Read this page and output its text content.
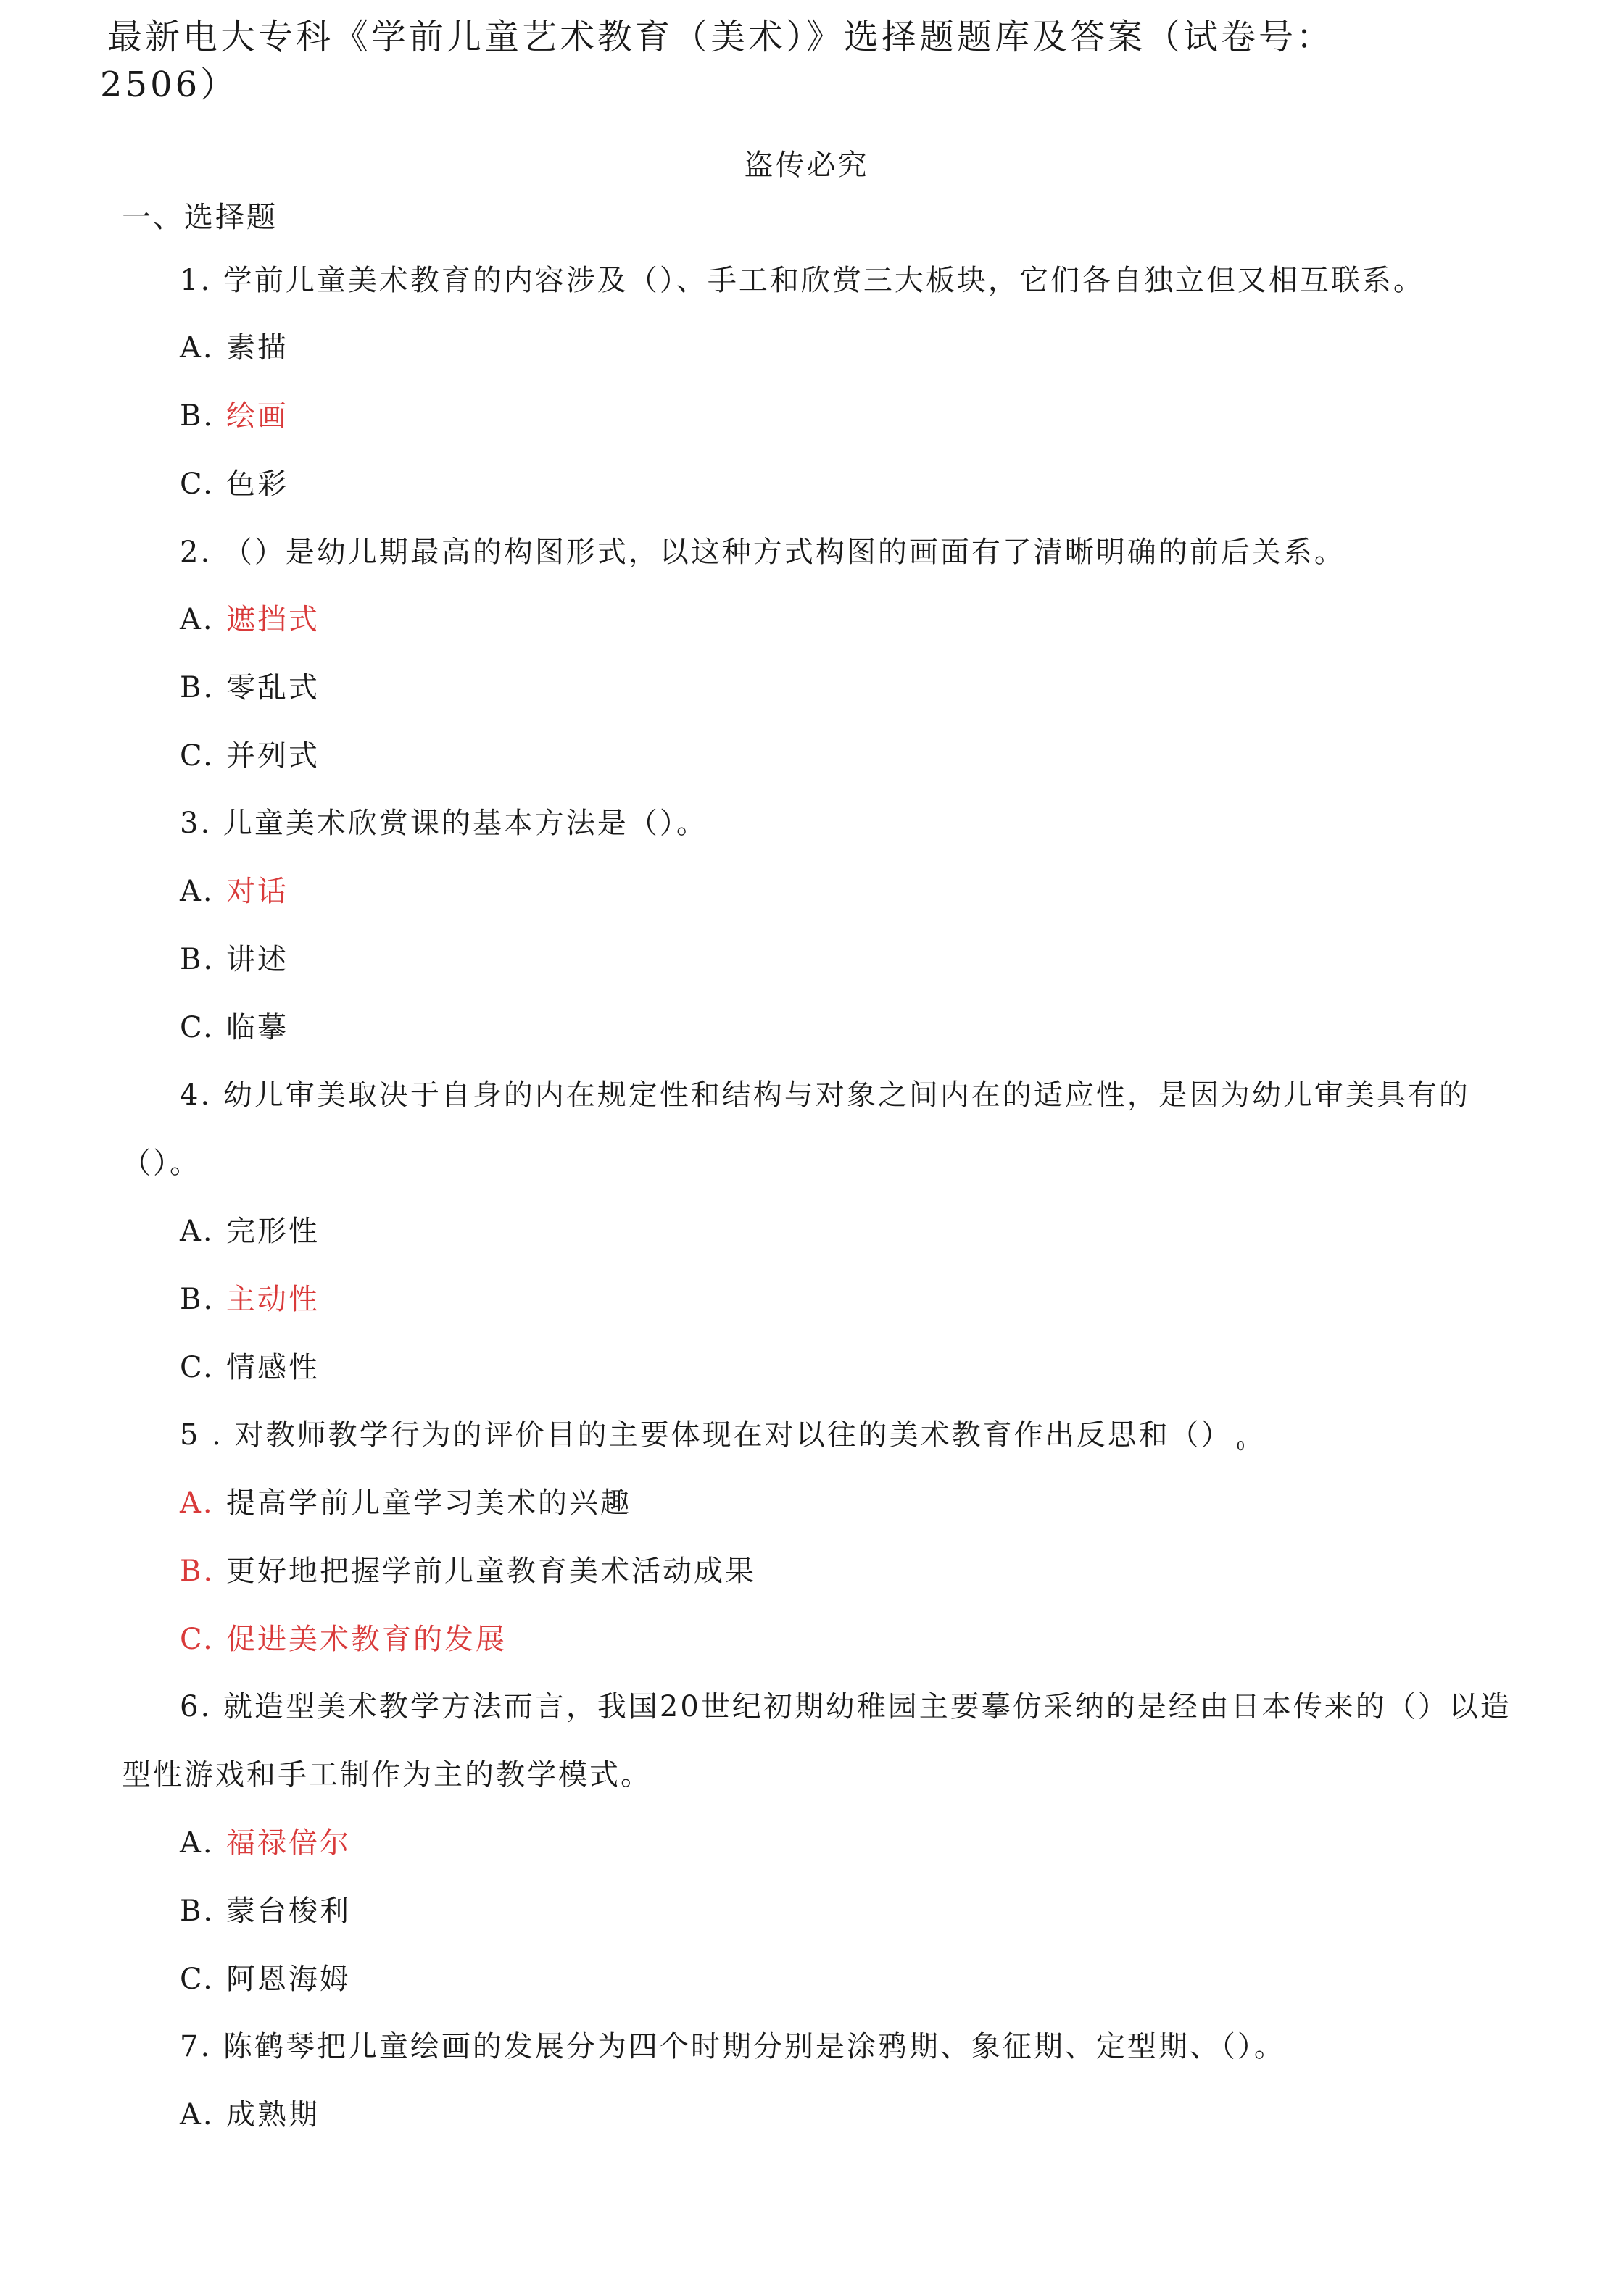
最新电大专科《学前儿童艺术教育（美术）》选择题题库及答案（试卷号：
2506）
盗传必究
一、选择题
1. 学前儿童美术教育的内容涉及（）、手工和欣赏三大板块，它们各自独立但又相互联系。
A. 素描
B. 绘画
C. 色彩
2. （）是幼儿期最高的构图形式，以这种方式构图的画面有了清晰明确的前后关系。
A. 遮挡式
B. 零乱式
C. 并列式
3. 儿童美术欣赏课的基本方法是（）。
A. 对话
B. 讲述
C. 临摹
4. 幼儿审美取决于自身的内在规定性和结构与对象之间内在的适应性，是因为幼儿审美具有的
（）。
A. 完形性
B. 主动性
C. 情感性
5 . 对教师教学行为的评价目的主要体现在对以往的美术教育作出反思和（） $_0$
A. 提高学前儿童学习美术的兴趣
B. 更好地把握学前儿童教育美术活动成果
C. 促进美术教育的发展
6. 就造型美术教学方法而言，我国20世纪初期幼稚园主要摹仿采纳的是经由日本传来的（）以造
型性游戏和手工制作为主的教学模式。
A. 福禄倍尔
B. 蒙台梭利
C. 阿恩海姆
7. 陈鹤琴把儿童绘画的发展分为四个时期分别是涂鸦期、象征期、定型期、（）。
A. 成熟期
